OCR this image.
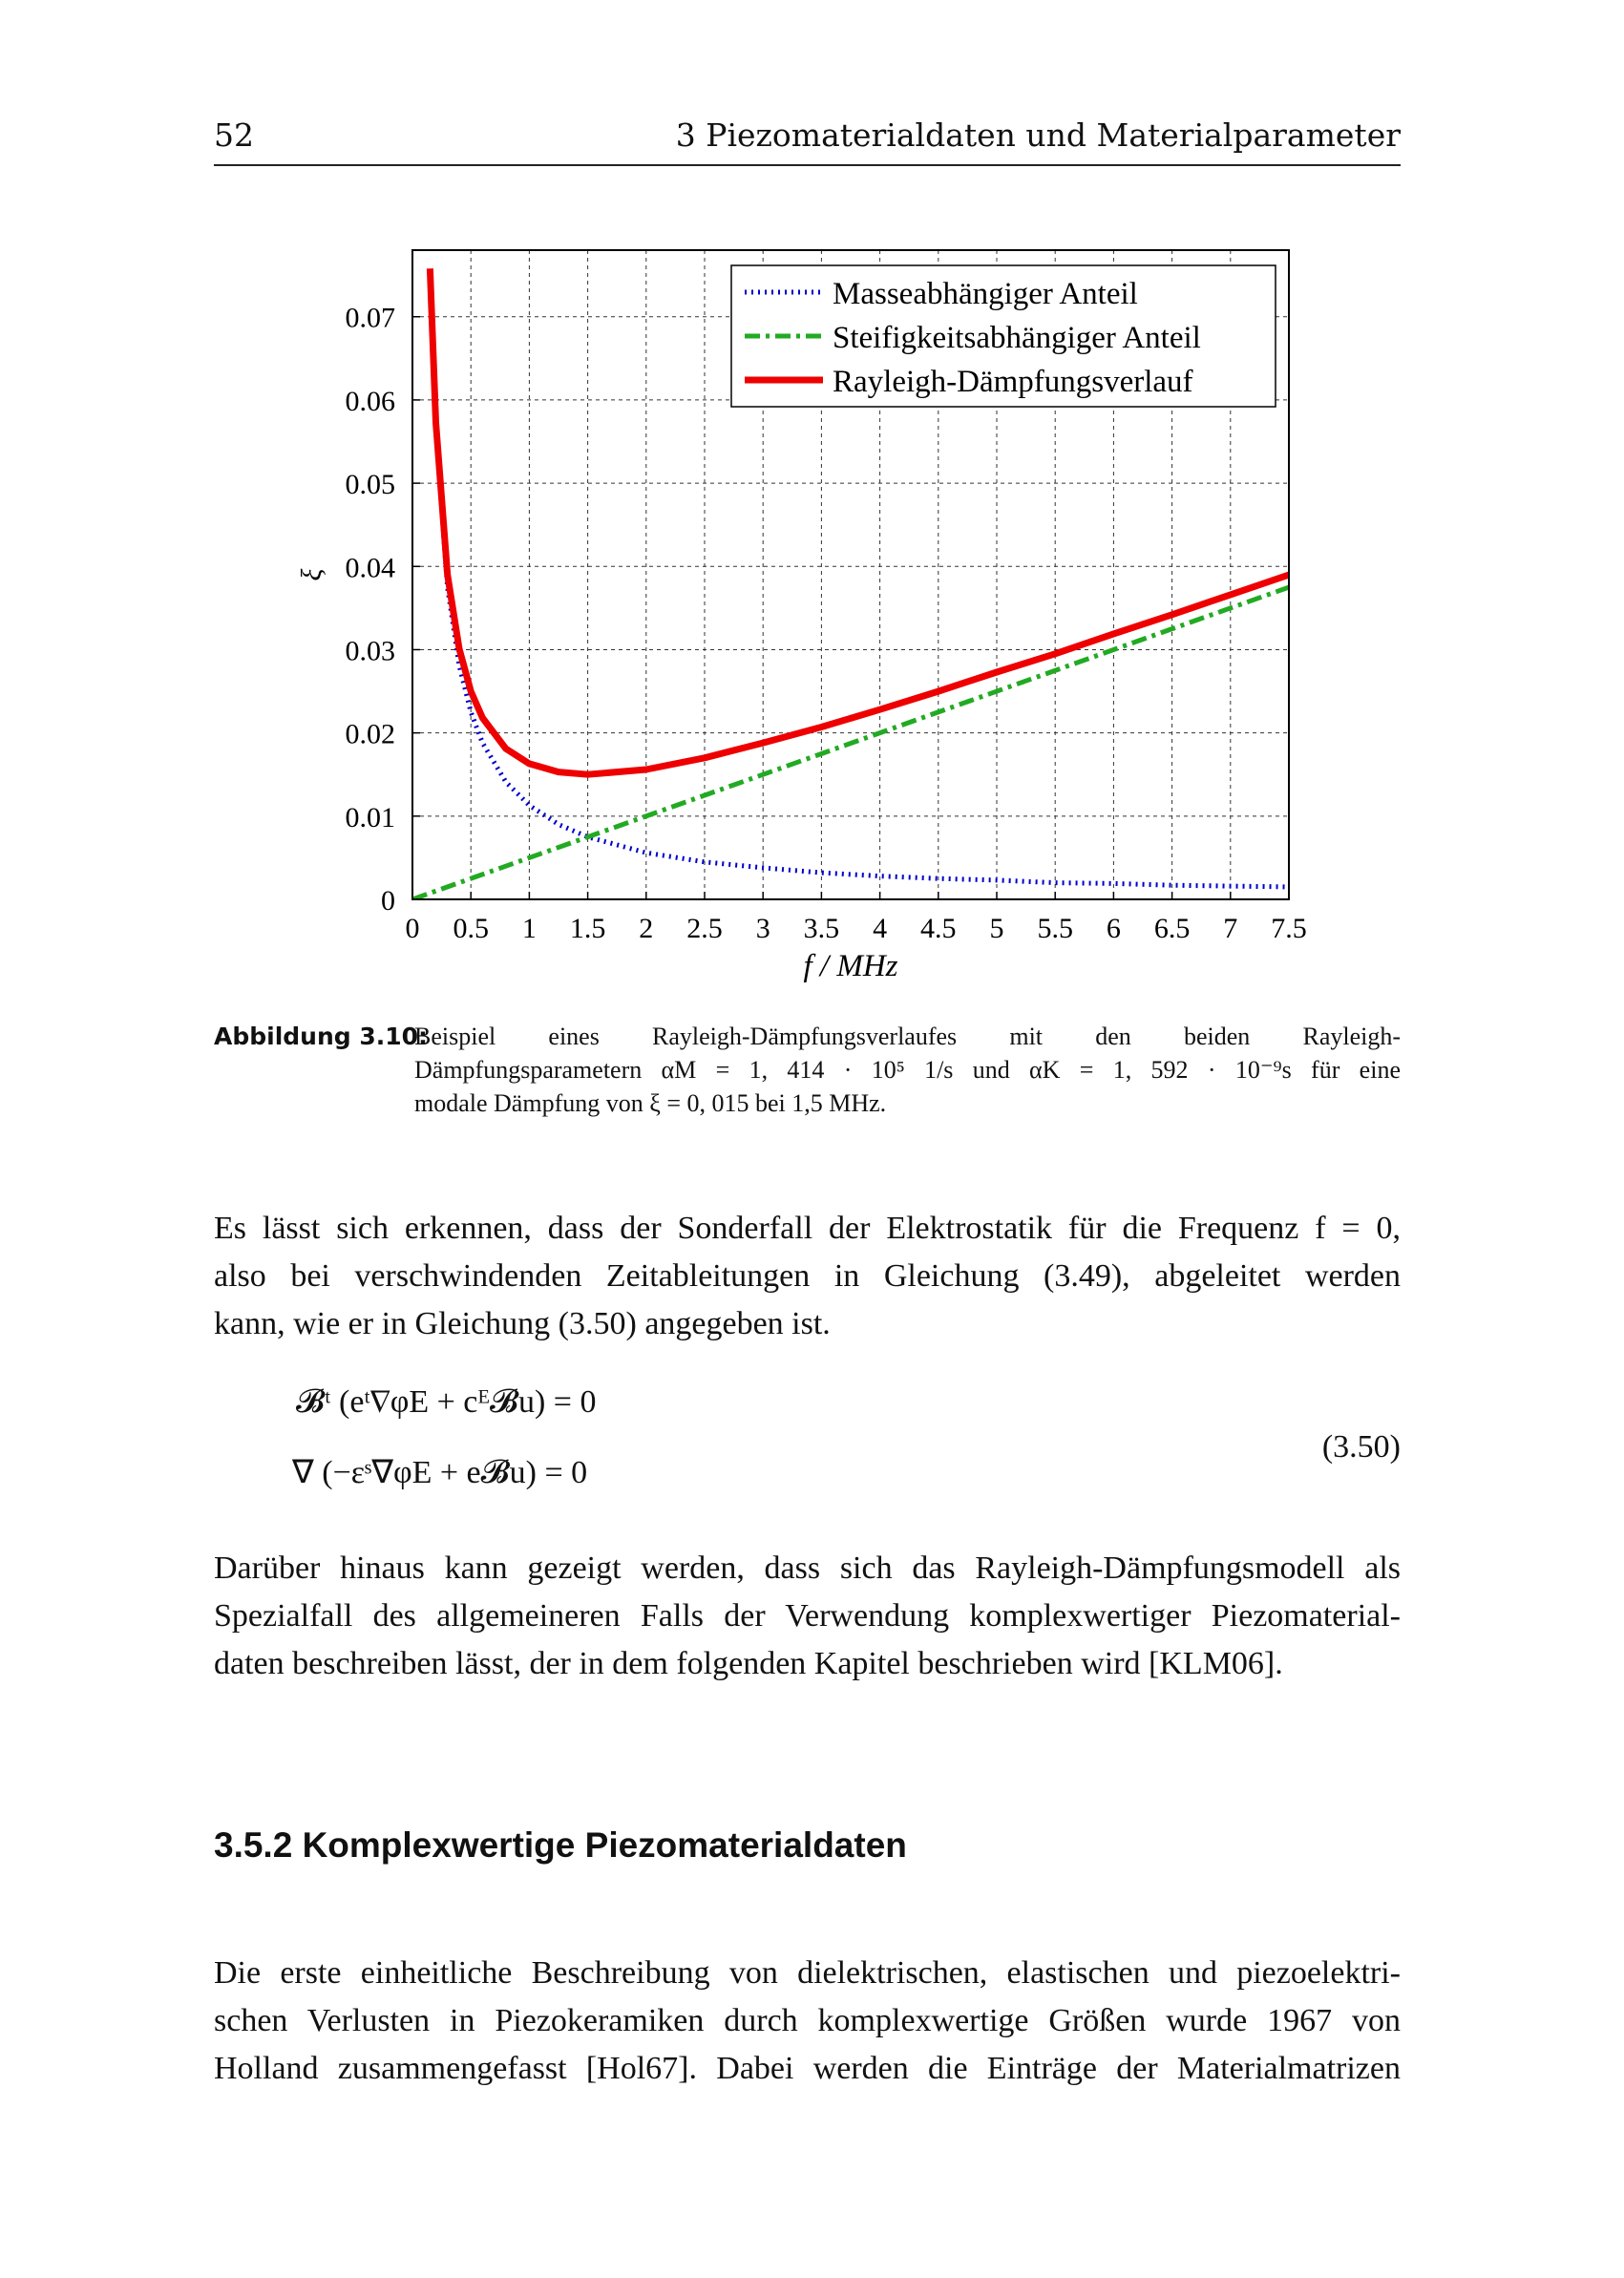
52	3 Piezomaterialdaten und Materialparameter
0 0.5 1 1.5 2 2.5 3 3.5 4 4.5 5 5.5 6 6.5 7 7.5
0
0.01
0.02
0.03
0.04
0.05
0.06
0.07
f / MHz
ξ
Masseabhängiger Anteil
Steifigkeitsabhängiger Anteil
Rayleigh-Dämpfungsverlauf
Abbildung 3.10:
Beispiel eines Rayleigh-Dämpfungsverlaufes mit den beiden Rayleigh-
Dämpfungsparametern αM = 1, 414 · 10⁵ 1/s und αK = 1, 592 · 10⁻⁹s für eine
modale Dämpfung von ξ = 0, 015 bei 1,5 MHz.
Es lässt sich erkennen, dass der Sonderfall der Elektrostatik für die Frequenz f = 0,
also bei verschwindenden Zeitableitungen in Gleichung (3.49), abgeleitet werden
kann, wie er in Gleichung (3.50) angegeben ist.
𝓑ᵗ (eᵗ∇φE + cᴱ𝓑u) = 0
∇ (−εˢ∇φE + e𝓑u) = 0
(3.50)
Darüber hinaus kann gezeigt werden, dass sich das Rayleigh-Dämpfungsmodell als
Spezialfall des allgemeineren Falls der Verwendung komplexwertiger Piezomaterial-
daten beschreiben lässt, der in dem folgenden Kapitel beschrieben wird [KLM06].
3.5.2 Komplexwertige Piezomaterialdaten
Die erste einheitliche Beschreibung von dielektrischen, elastischen und piezoelektri-
schen Verlusten in Piezokeramiken durch komplexwertige Größen wurde 1967 von
Holland zusammengefasst [Hol67]. Dabei werden die Einträge der Materialmatrizen
